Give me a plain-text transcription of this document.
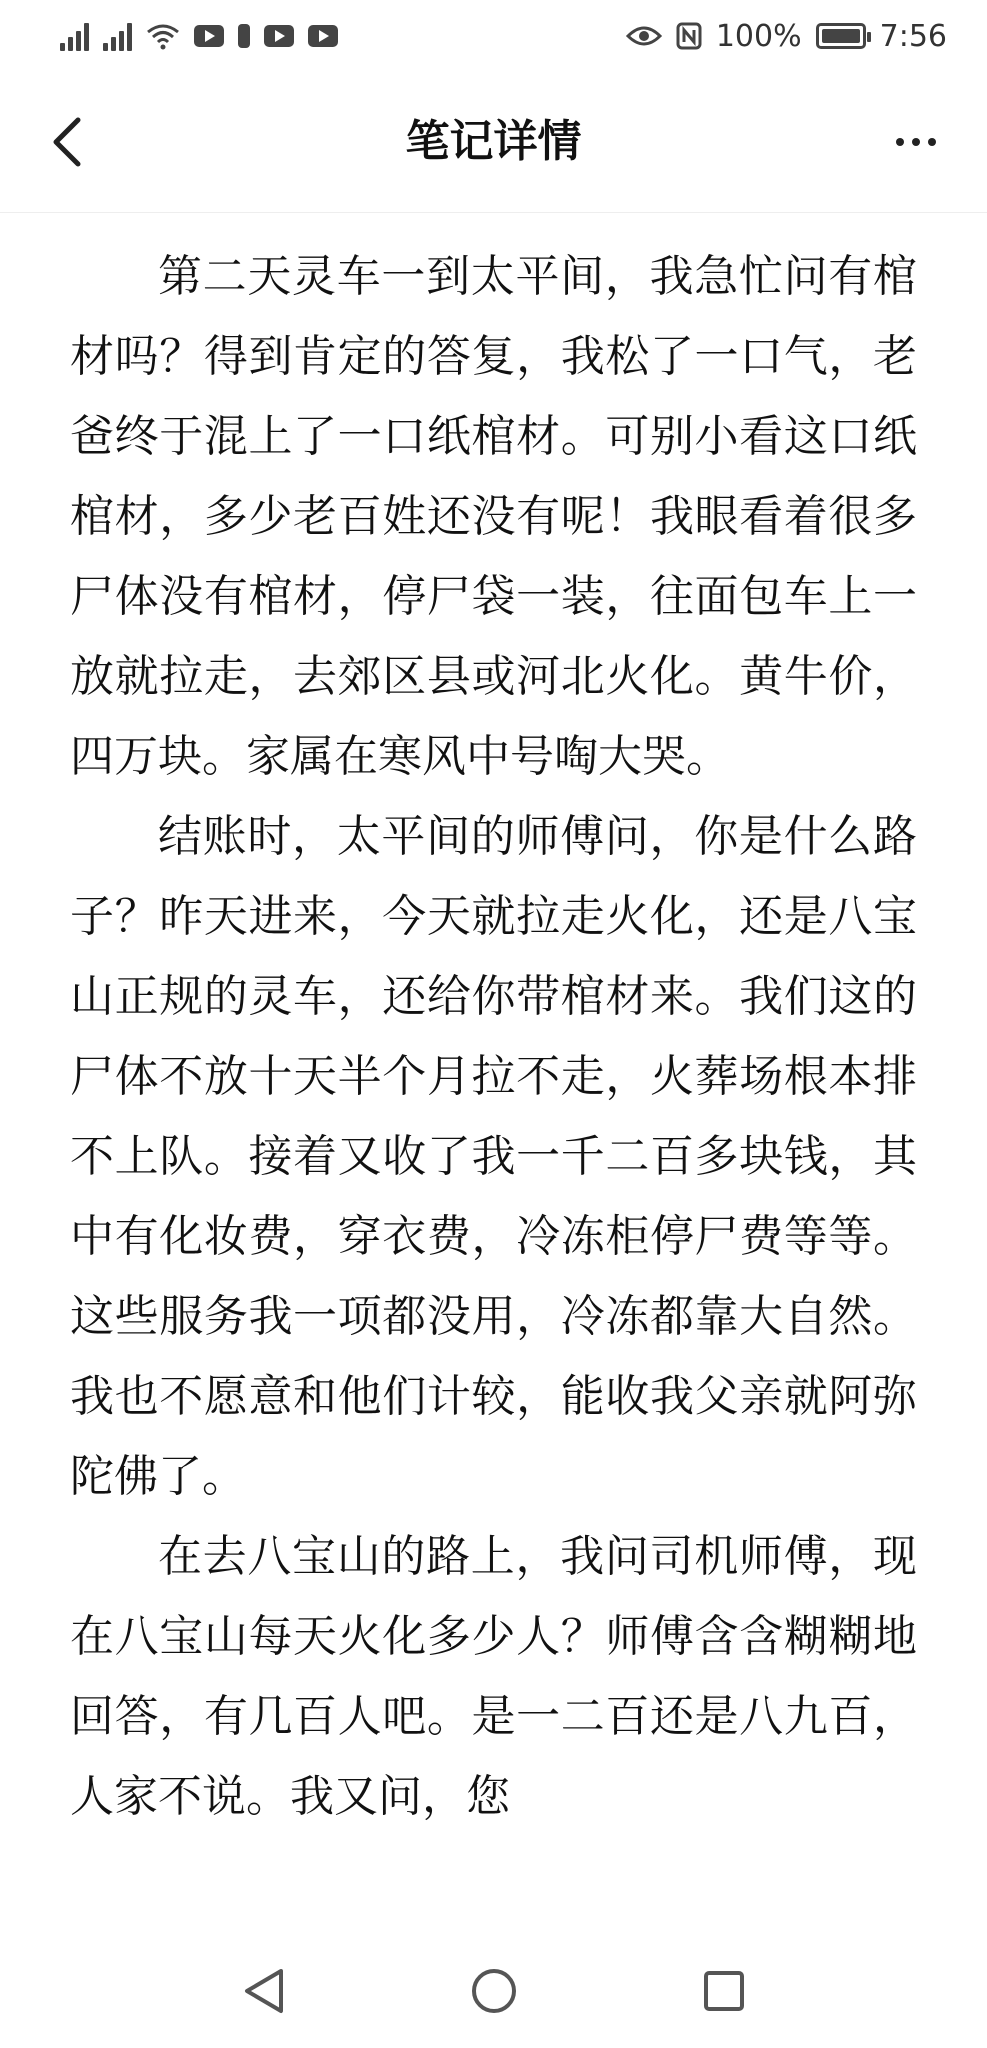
100%	7:56
笔记详情

第二天灵车一到太平间，我急忙问有棺材吗？得到肯定的答复，我松了一口气，老爸终于混上了一口纸棺材。可别小看这口纸棺材，多少老百姓还没有呢！我眼看着很多尸体没有棺材，停尸袋一装，往面包车上一放就拉走，去郊区县或河北火化。黄牛价，四万块。家属在寒风中号啕大哭。

结账时，太平间的师傅问，你是什么路子？昨天进来，今天就拉走火化，还是八宝山正规的灵车，还给你带棺材来。我们这的尸体不放十天半个月拉不走，火葬场根本排不上队。接着又收了我一千二百多块钱，其中有化妆费，穿衣费，冷冻柜停尸费等等。这些服务我一项都没用，冷冻都靠大自然。我也不愿意和他们计较，能收我父亲就阿弥陀佛了。

在去八宝山的路上，我问司机师傅，现在八宝山每天火化多少人？师傅含含糊糊地回答，有几百人吧。是一二百还是八九百，人家不说。我又问，您
